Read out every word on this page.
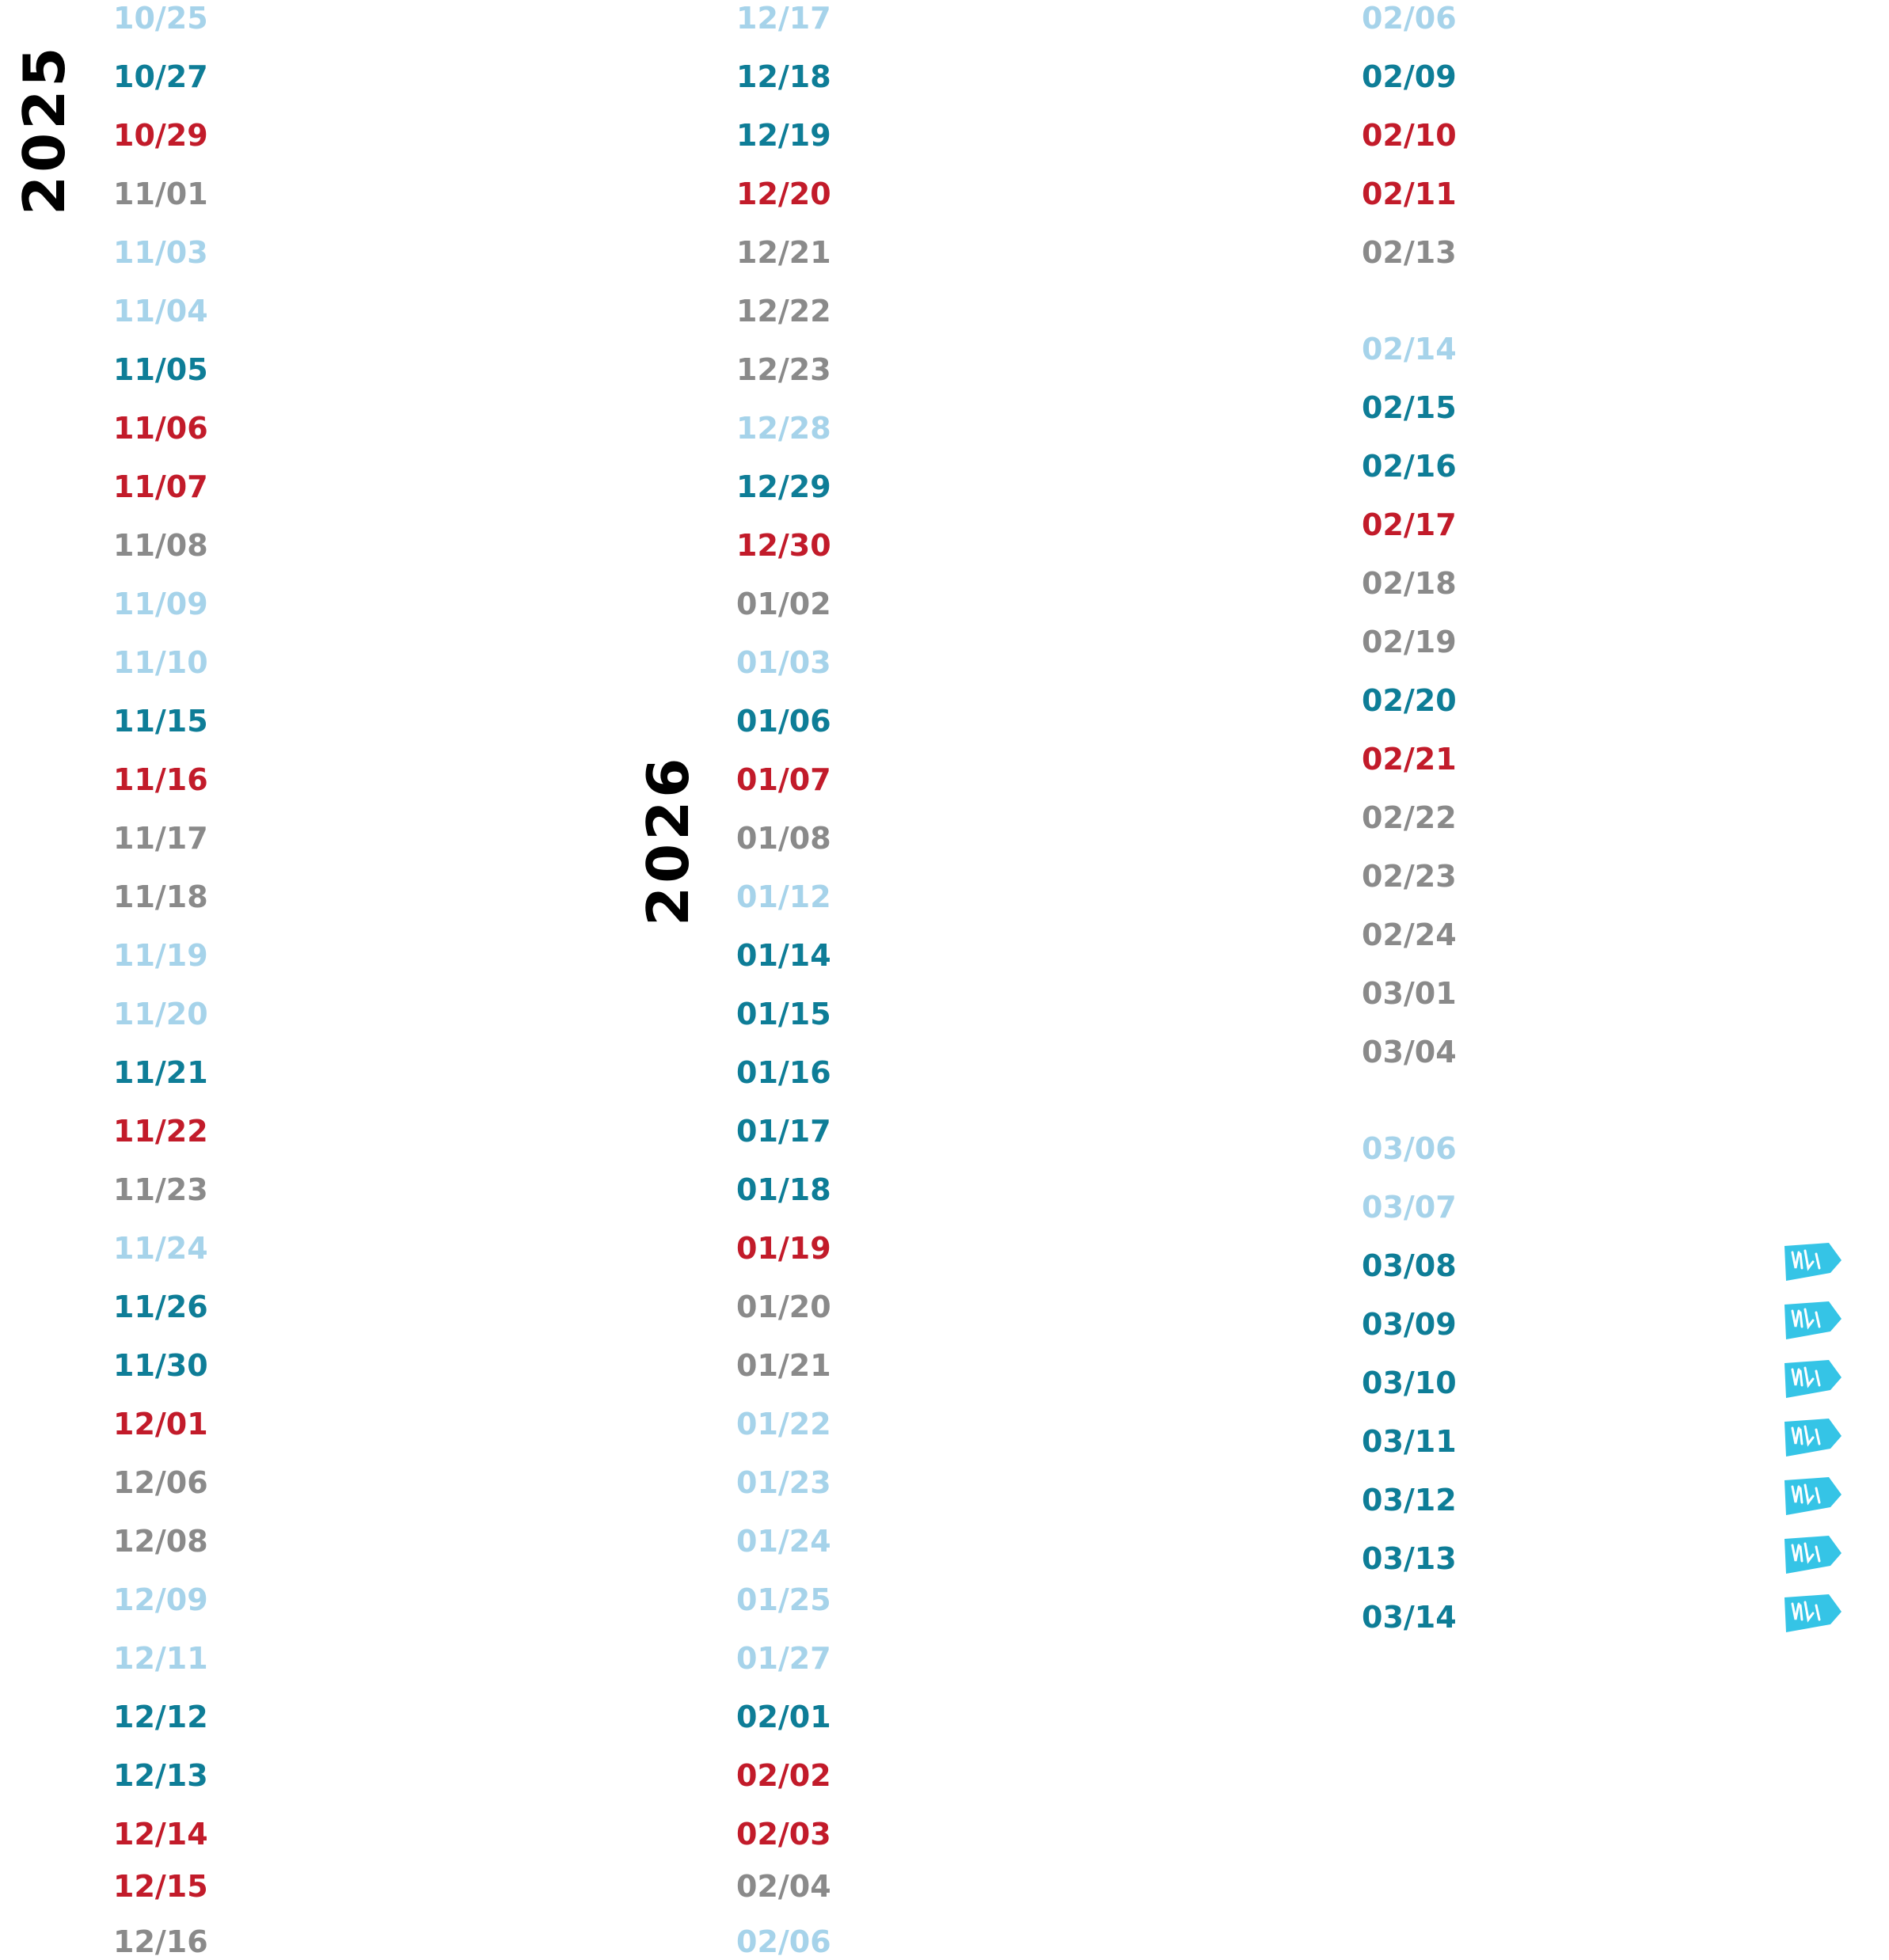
2025
2026
10/25
10/27
10/29
11/01
11/03
11/04
11/05
11/06
11/07
11/08
11/09
11/10
11/15
11/16
11/17
11/18
11/19
11/20
11/21
11/22
11/23
11/24
11/26
11/30
12/01
12/06
12/08
12/09
12/11
12/12
12/13
12/14
12/15
12/16
12/17
12/18
12/19
12/20
12/21
12/22
12/23
12/28
12/29
12/30
01/02
01/03
01/06
01/07
01/08
01/12
01/14
01/15
01/16
01/17
01/18
01/19
01/20
01/21
01/22
01/23
01/24
01/25
01/27
02/01
02/02
02/03
02/04
02/06
02/06
02/09
02/10
02/11
02/13
02/14
02/15
02/16
02/17
02/18
02/19
02/20
02/21
02/22
02/23
02/24
03/01
03/04
03/06
03/07
03/08
03/09
03/10
03/11
03/12
03/13
03/14
